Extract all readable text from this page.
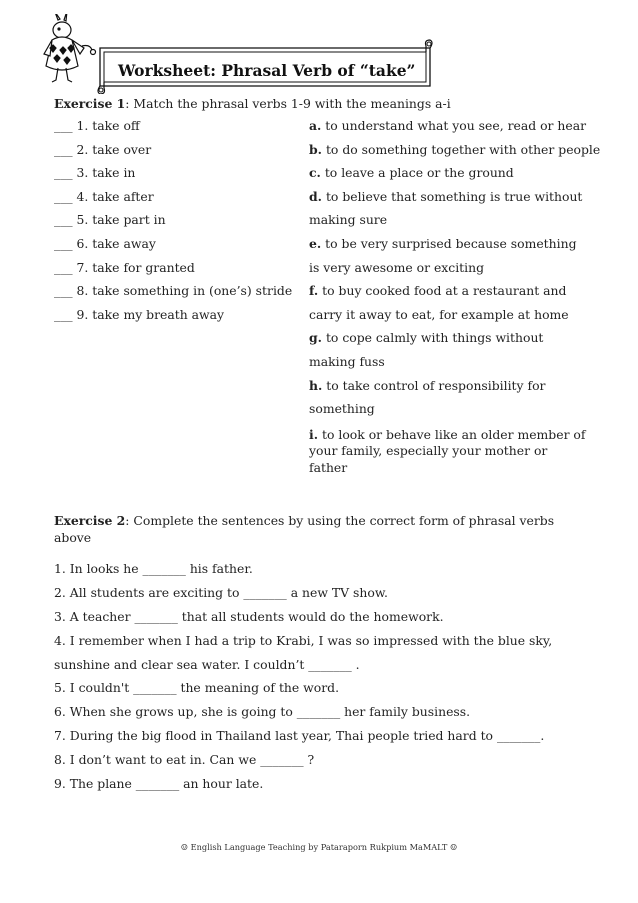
Worksheet: Phrasal Verb of “take”
Exercise 1: Match the phrasal verbs 1-9 with the meanings a-i
___ 1. take off
___ 2. take over
___ 3. take in
___ 4. take after
___ 5. take part in
___ 6. take away
___ 7. take for granted
___ 8. take something in (one’s) stride
___ 9. take my breath away
a. to understand what you see, read or hear
b. to do something together with other people
c. to leave a place or the ground
d. to believe that something is true without
making sure
e. to be very surprised because something
is very awesome or exciting
f. to buy cooked food at a restaurant and
carry it away to eat, for example at home
g. to cope calmly with things without
making fuss
h. to take control of responsibility for
something
i. to look or behave like an older member of
your family, especially your mother or
father
Exercise 2: Complete the sentences by using the correct form of phrasal verbs
above
1. In looks he _______ his father.
2. All students are exciting to _______ a new TV show.
3. A teacher _______ that all students would do the homework.
4. I remember when I had a trip to Krabi, I was so impressed with the blue sky,
sunshine and clear sea water. I couldn’t _______ .
5. I couldn't _______ the meaning of the word.
6. When she grows up, she is going to _______ her family business.
7. During the big flood in Thailand last year, Thai people tried hard to _______.
8. I don’t want to eat in. Can we _______ ?
9. The plane _______ an hour late.
☺ English Language Teaching by Pataraporn Rukpium MaMALT ☺
